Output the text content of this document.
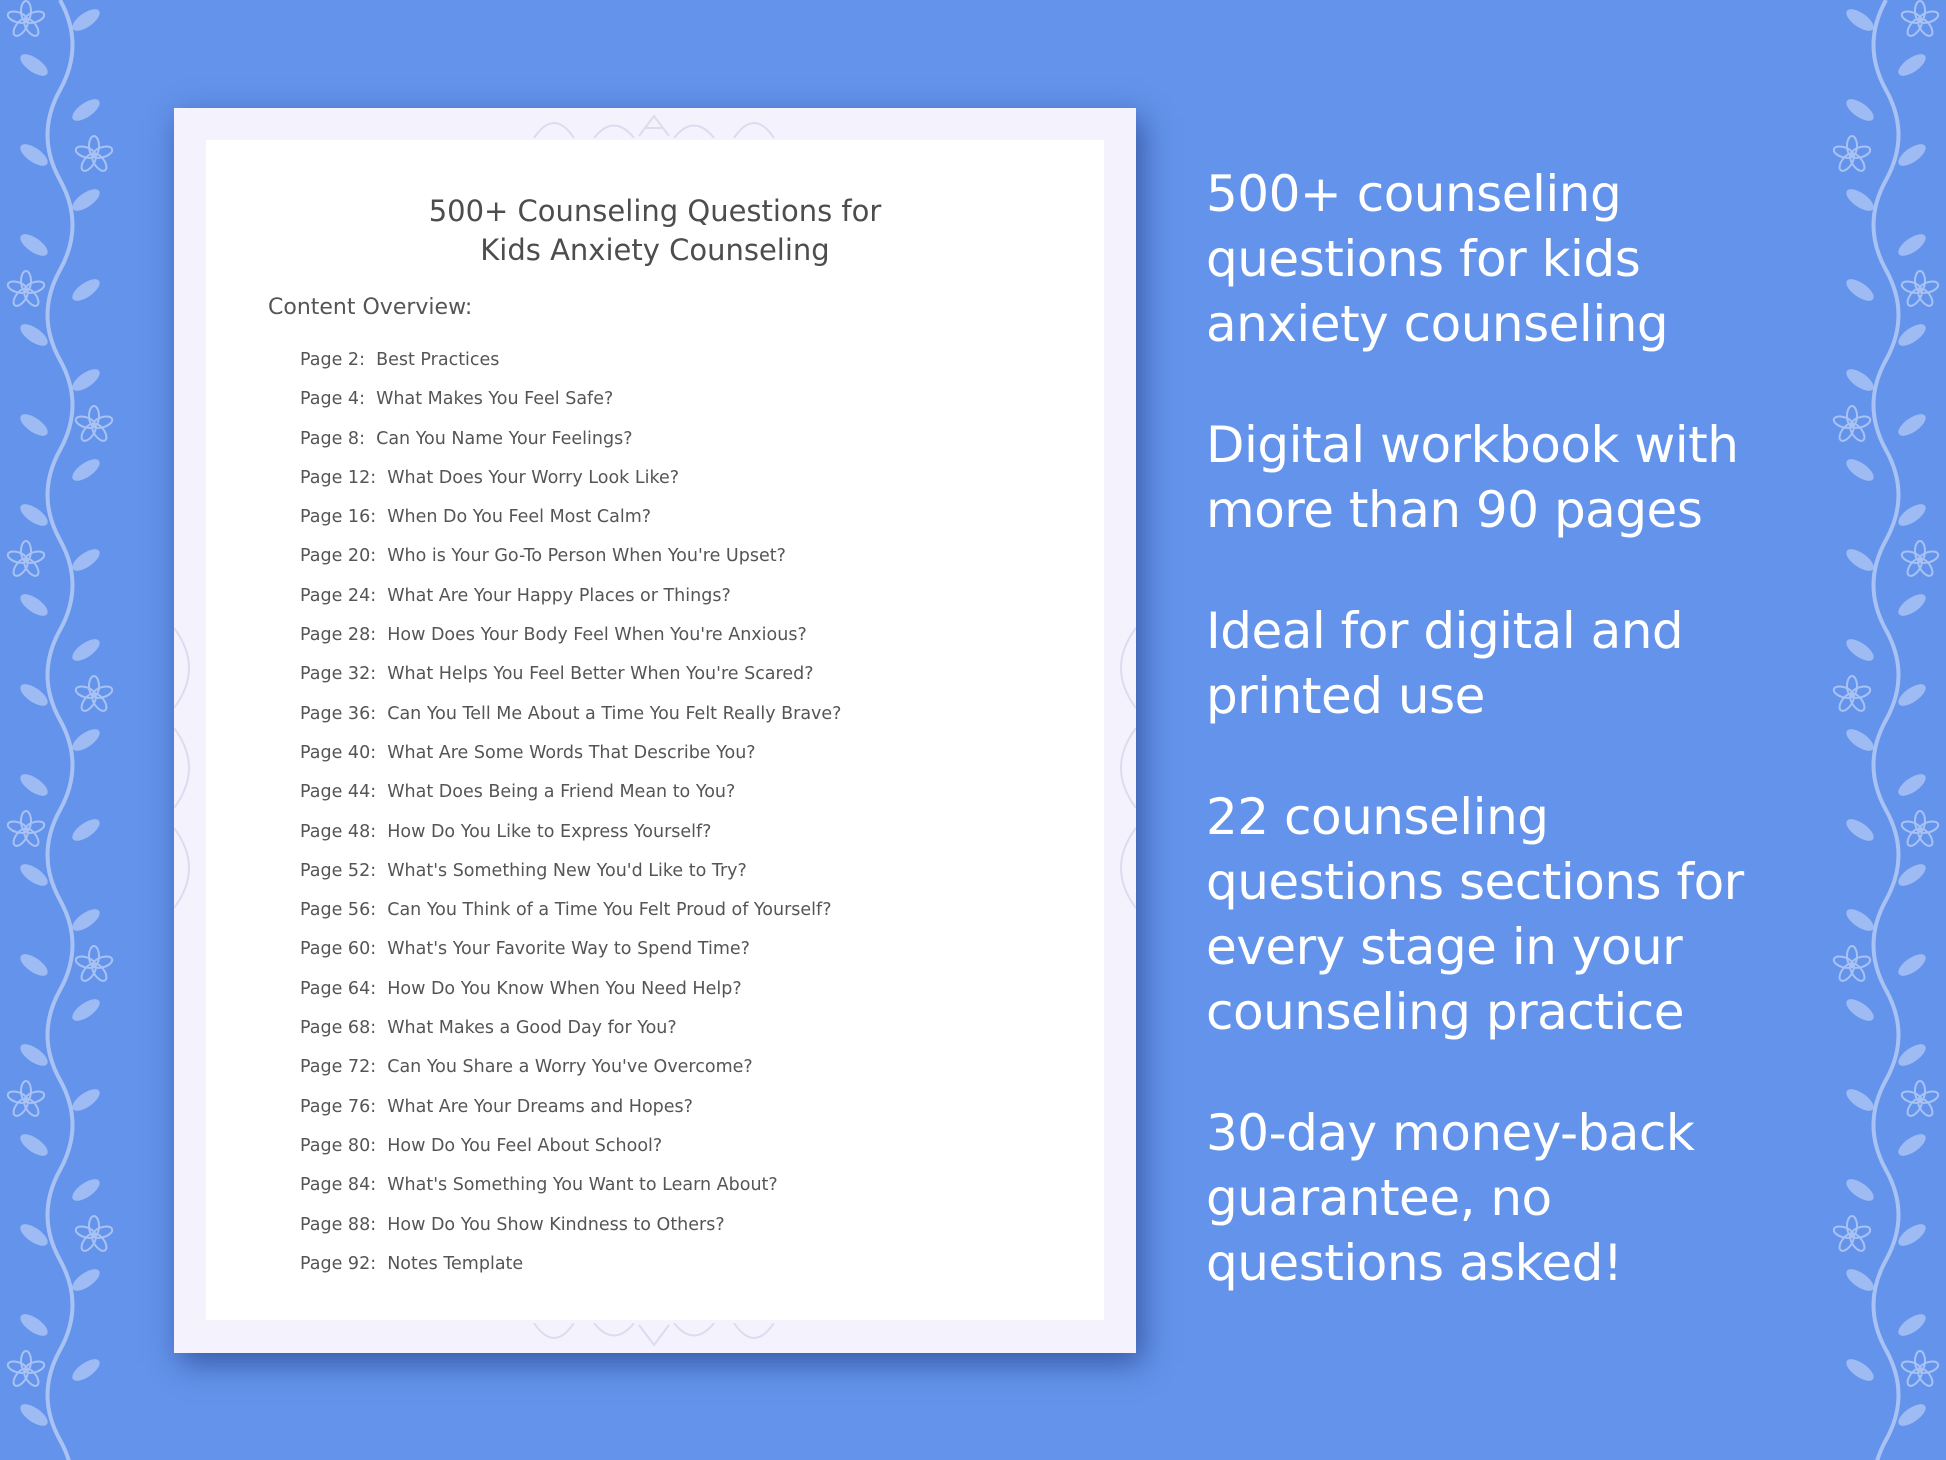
500+ Counseling Questions for
Kids Anxiety Counseling
Content Overview:
Page 2:  Best Practices
Page 4:  What Makes You Feel Safe?
Page 8:  Can You Name Your Feelings?
Page 12:  What Does Your Worry Look Like?
Page 16:  When Do You Feel Most Calm?
Page 20:  Who is Your Go-To Person When You're Upset?
Page 24:  What Are Your Happy Places or Things?
Page 28:  How Does Your Body Feel When You're Anxious?
Page 32:  What Helps You Feel Better When You're Scared?
Page 36:  Can You Tell Me About a Time You Felt Really Brave?
Page 40:  What Are Some Words That Describe You?
Page 44:  What Does Being a Friend Mean to You?
Page 48:  How Do You Like to Express Yourself?
Page 52:  What's Something New You'd Like to Try?
Page 56:  Can You Think of a Time You Felt Proud of Yourself?
Page 60:  What's Your Favorite Way to Spend Time?
Page 64:  How Do You Know When You Need Help?
Page 68:  What Makes a Good Day for You?
Page 72:  Can You Share a Worry You've Overcome?
Page 76:  What Are Your Dreams and Hopes?
Page 80:  How Do You Feel About School?
Page 84:  What's Something You Want to Learn About?
Page 88:  How Do You Show Kindness to Others?
Page 92:  Notes Template
500+ counseling
questions for kids
anxiety counseling
Digital workbook with
more than 90 pages
Ideal for digital and
printed use
22 counseling
questions sections for
every stage in your
counseling practice
30-day money-back
guarantee, no
questions asked!
